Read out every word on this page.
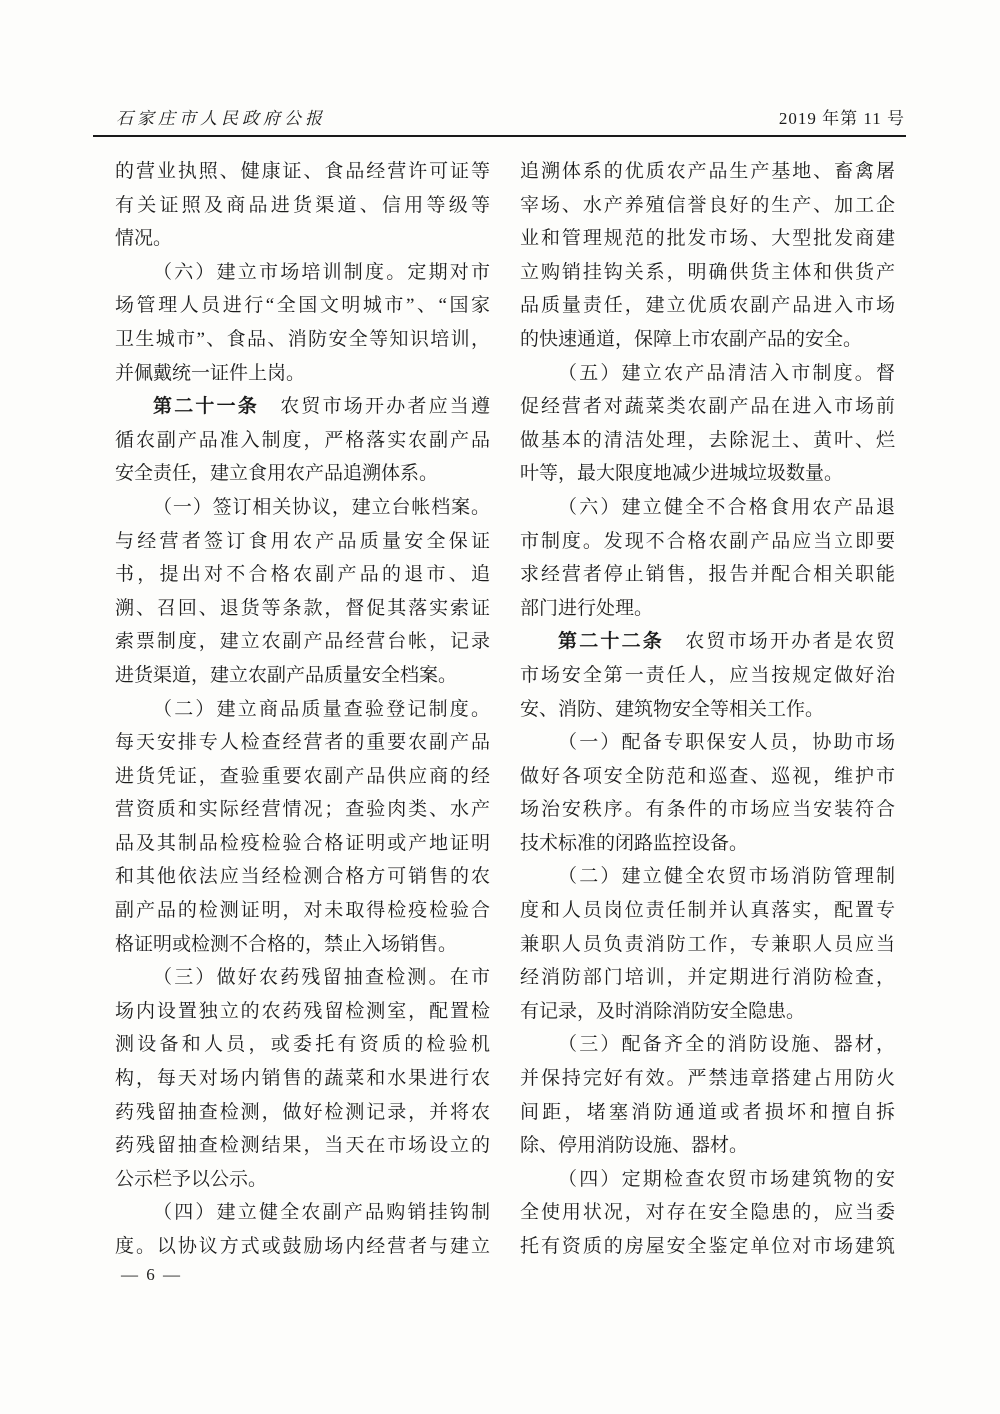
石家庄市人民政府公报	2019 年第 11 号

的营业执照、健康证、食品经营许可证等

有关证照及商品进货渠道、信用等级等

情况。

（六）建立市场培训制度。定期对市

场管理人员进行“全国文明城市”、“国家

卫生城市”、食品、消防安全等知识培训，

并佩戴统一证件上岗。

第二十一条　农贸市场开办者应当遵

循农副产品准入制度，严格落实农副产品

安全责任，建立食用农产品追溯体系。

（一）签订相关协议，建立台帐档案。

与经营者签订食用农产品质量安全保证

书，提出对不合格农副产品的退市、追

溯、召回、退货等条款，督促其落实索证

索票制度，建立农副产品经营台帐，记录

进货渠道，建立农副产品质量安全档案。

（二）建立商品质量查验登记制度。

每天安排专人检查经营者的重要农副产品

进货凭证，查验重要农副产品供应商的经

营资质和实际经营情况；查验肉类、水产

品及其制品检疫检验合格证明或产地证明

和其他依法应当经检测合格方可销售的农

副产品的检测证明，对未取得检疫检验合

格证明或检测不合格的，禁止入场销售。

（三）做好农药残留抽查检测。在市

场内设置独立的农药残留检测室，配置检

测设备和人员，或委托有资质的检验机

构，每天对场内销售的蔬菜和水果进行农

药残留抽查检测，做好检测记录，并将农

药残留抽查检测结果，当天在市场设立的

公示栏予以公示。

（四）建立健全农副产品购销挂钩制

度。以协议方式或鼓励场内经营者与建立

追溯体系的优质农产品生产基地、畜禽屠

宰场、水产养殖信誉良好的生产、加工企

业和管理规范的批发市场、大型批发商建

立购销挂钩关系，明确供货主体和供货产

品质量责任，建立优质农副产品进入市场

的快速通道，保障上市农副产品的安全。

（五）建立农产品清洁入市制度。督

促经营者对蔬菜类农副产品在进入市场前

做基本的清洁处理，去除泥土、黄叶、烂

叶等，最大限度地减少进城垃圾数量。

（六）建立健全不合格食用农产品退

市制度。发现不合格农副产品应当立即要

求经营者停止销售，报告并配合相关职能

部门进行处理。

第二十二条　农贸市场开办者是农贸

市场安全第一责任人，应当按规定做好治

安、消防、建筑物安全等相关工作。

（一）配备专职保安人员，协助市场

做好各项安全防范和巡查、巡视，维护市

场治安秩序。有条件的市场应当安装符合

技术标准的闭路监控设备。

（二）建立健全农贸市场消防管理制

度和人员岗位责任制并认真落实，配置专

兼职人员负责消防工作，专兼职人员应当

经消防部门培训，并定期进行消防检查，

有记录，及时消除消防安全隐患。

（三）配备齐全的消防设施、器材，

并保持完好有效。严禁违章搭建占用防火

间距，堵塞消防通道或者损坏和擅自拆

除、停用消防设施、器材。

（四）定期检查农贸市场建筑物的安

全使用状况，对存在安全隐患的，应当委

托有资质的房屋安全鉴定单位对市场建筑

— 6 —
